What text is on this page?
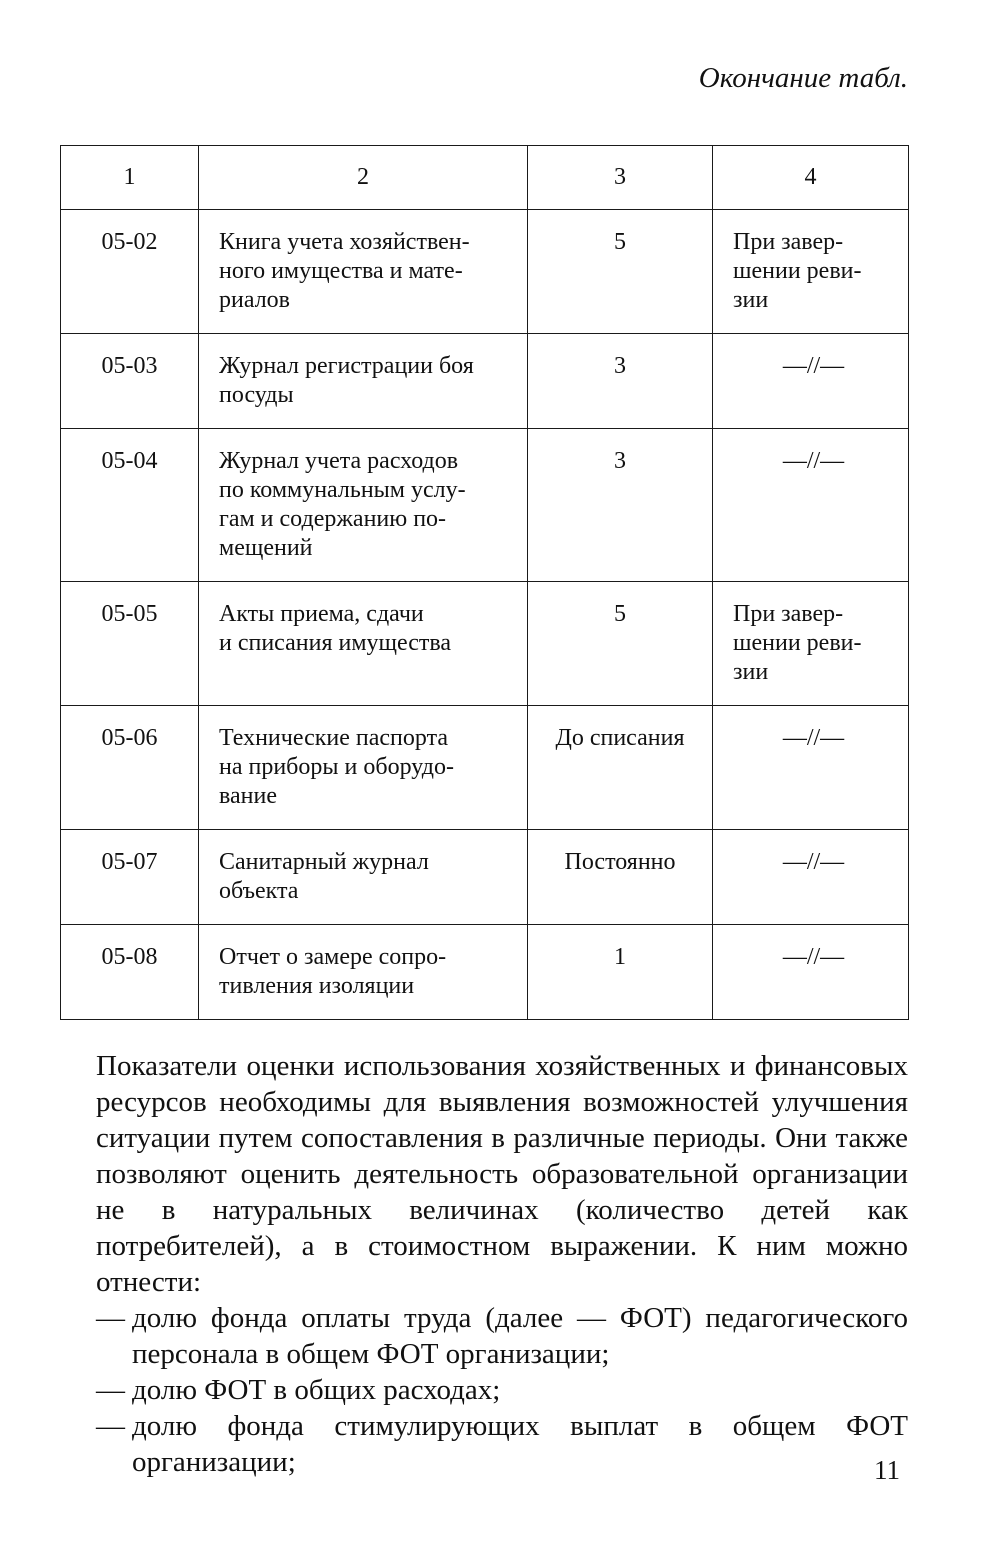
Окончание табл.
1	2	3	4
05-02	Книга учета хозяйствен-
ного имущества и мате-
риалов	5	При завер-
шении реви-
зии

05-03	Журнал регистрации боя
посуды	3	—//—

05-04	Журнал учета расходов
по коммунальным услу-
гам и содержанию по-
мещений	3	—//—

05-05	Акты приема, сдачи
и списания имущества	5	При завер-
шении реви-
зии

05-06	Технические паспорта
на приборы и оборудо-
вание	До списания	—//—

05-07	Санитарный журнал
объекта	Постоянно	—//—

05-08	Отчет о замере сопро-
тивления изоляции	1	—//—

Показатели оценки использования хозяйственных и финансовых ресурсов необходимы для выявления возможностей улучшения ситуации путем сопоставления в различные периоды. Они также позволяют оценить деятельность образовательной организации не в натуральных величинах (количество детей как потребителей), а в стоимостном выражении. К ним можно отнести:

— долю фонда оплаты труда (далее — ФОТ) педагогического персонала в общем ФОТ организации;

— долю ФОТ в общих расходах;

— долю фонда стимулирующих выплат в общем ФОТ организации;	11
